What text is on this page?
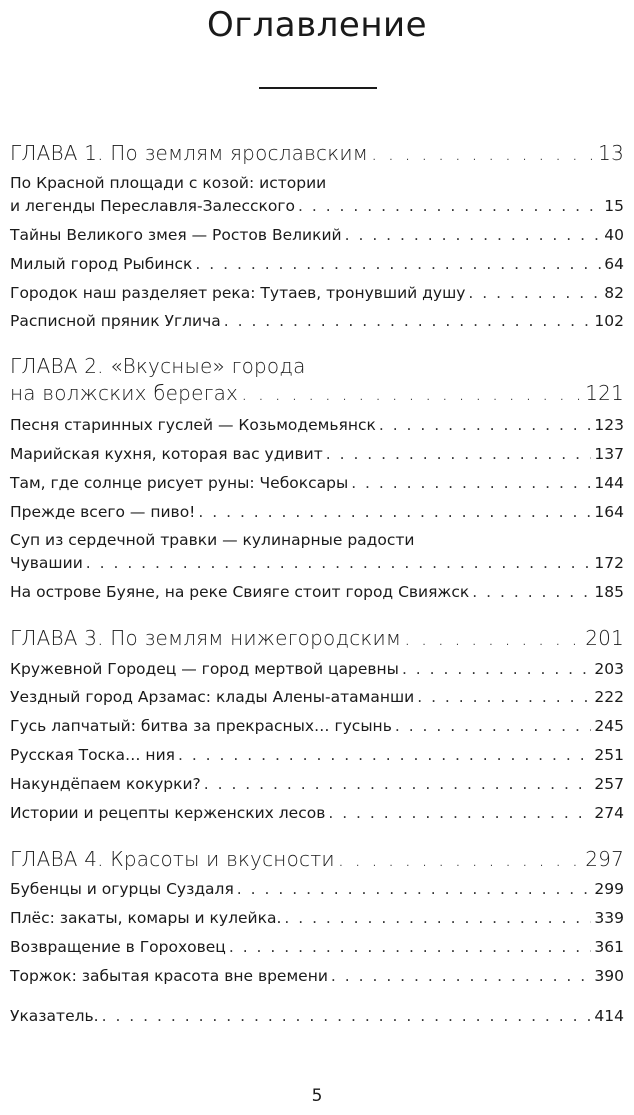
Оглавление
ГЛАВА 1. По землям ярославским . . .	13
По Красной площади с козой: истории
и легенды Переславля-Залесского . . .	15
Тайны Великого змея — Ростов Великий . . .	40
Милый город Рыбинск . . .	64
Городок наш разделяет река: Тутаев, тронувший душу . . .	82
Расписной пряник Углича . . .	102
ГЛАВА 2. «Вкусные» города
на волжских берегах . . .	121
Песня старинных гуслей — Козьмодемьянск . . .	123
Марийская кухня, которая вас удивит . . .	137
Там, где солнце рисует руны: Чебоксары . . .	144
Прежде всего — пиво! . . .	164
Суп из сердечной травки — кулинарные радости
Чувашии . . .	172
На острове Буяне, на реке Свияге стоит город Свияжск . . .	185
ГЛАВА 3. По землям нижегородским . . .	201
Кружевной Городец — город мертвой царевны . . .	203
Уездный город Арзамас: клады Алены-атаманши . . .	222
Гусь лапчатый: битва за прекрасных… гусынь . . .	245
Русская Тоска… ния . . .	251
Накундёпаем кокурки? . . .	257
Истории и рецепты керженских лесов . . .	274
ГЛАВА 4. Красоты и вкусности . . .	297
Бубенцы и огурцы Суздаля . . .	299
Плёс: закаты, комары и кулейка. . . .	339
Возвращение в Гороховец . . .	361
Торжок: забытая красота вне времени . . .	390
Указатель. . . .	414
5
